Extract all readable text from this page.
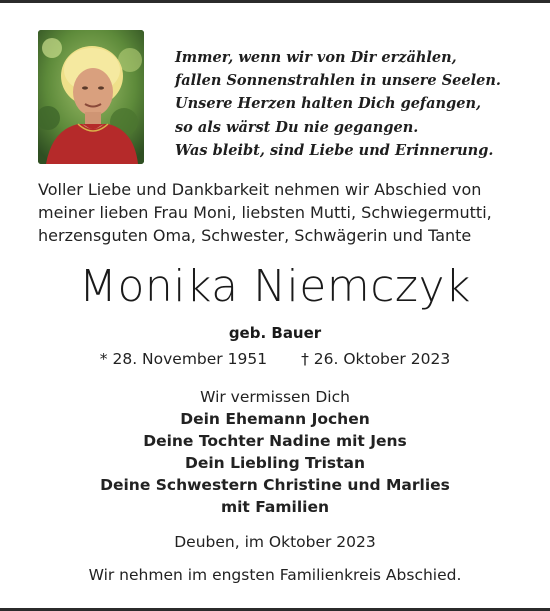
Immer, wenn wir von Dir erzählen,
fallen Sonnenstrahlen in unsere Seelen.
Unsere Herzen halten Dich gefangen,
so als wärst Du nie gegangen.
Was bleibt, sind Liebe und Erinnerung.
Voller Liebe und Dankbarkeit nehmen wir Abschied von
meiner lieben Frau Moni, liebsten Mutti, Schwiegermutti,
herzensguten Oma, Schwester, Schwägerin und Tante
Monika Niemczyk
geb. Bauer
* 28. November 1951 † 26. Oktober 2023
Wir vermissen Dich
Dein Ehemann Jochen
Deine Tochter Nadine mit Jens
Dein Liebling Tristan
Deine Schwestern Christine und Marlies
mit Familien
Deuben, im Oktober 2023
Wir nehmen im engsten Familienkreis Abschied.
